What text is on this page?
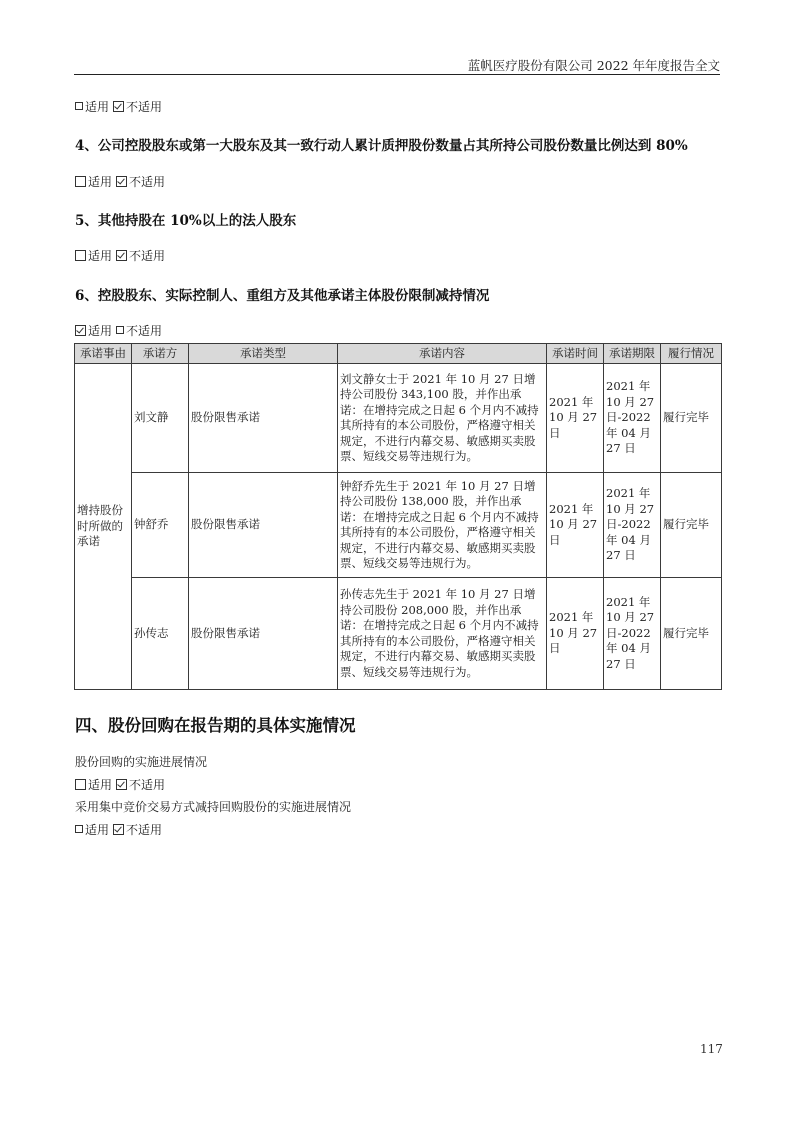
蓝帆医疗股份有限公司 2022 年年度报告全文
适用 不适用
4、公司控股股东或第一大股东及其一致行动人累计质押股份数量占其所持公司股份数量比例达到 80%
适用 不适用
5、其他持股在 10%以上的法人股东
适用 不适用
6、控股股东、实际控制人、重组方及其他承诺主体股份限制减持情况
适用 不适用
承诺事由	承诺方	承诺类型	承诺内容	承诺时间	承诺期限	履行情况
增持股份时所做的承诺	刘文静	股份限售承诺	刘文静女士于 2021 年 10 月 27 日增持公司股份 343,100 股，并作出承诺：在增持完成之日起 6 个月内不减持其所持有的本公司股份，严格遵守相关规定，不进行内幕交易、敏感期买卖股票、短线交易等违规行为。	2021 年 10 月 27 日	2021 年 10 月 27 日-2022 年 04 月 27 日	履行完毕
	钟舒乔	股份限售承诺	钟舒乔先生于 2021 年 10 月 27 日增持公司股份 138,000 股，并作出承诺：在增持完成之日起 6 个月内不减持其所持有的本公司股份，严格遵守相关规定，不进行内幕交易、敏感期买卖股票、短线交易等违规行为。	2021 年 10 月 27 日	2021 年 10 月 27 日-2022 年 04 月 27 日	履行完毕
	孙传志	股份限售承诺	孙传志先生于 2021 年 10 月 27 日增持公司股份 208,000 股，并作出承诺：在增持完成之日起 6 个月内不减持其所持有的本公司股份，严格遵守相关规定，不进行内幕交易、敏感期买卖股票、短线交易等违规行为。	2021 年 10 月 27 日	2021 年 10 月 27 日-2022 年 04 月 27 日	履行完毕
四、股份回购在报告期的具体实施情况
股份回购的实施进展情况
适用 不适用
采用集中竞价交易方式减持回购股份的实施进展情况
适用 不适用
117
